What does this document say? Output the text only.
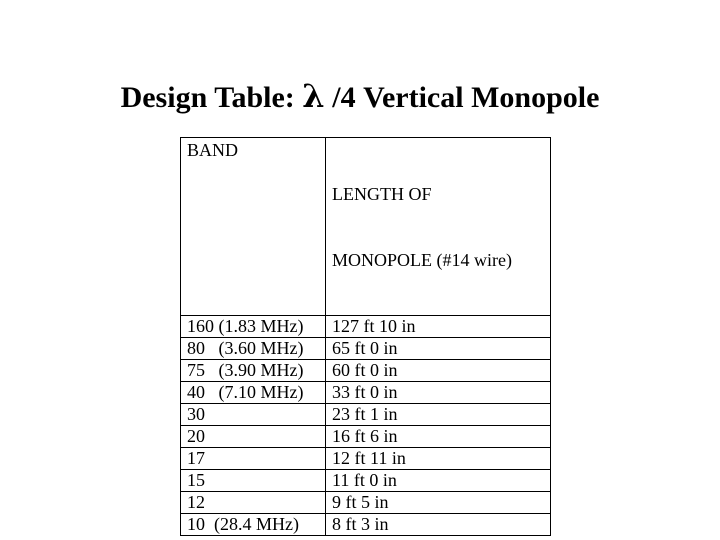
Design Table: λ /4 Vertical Monopole
BAND	LENGTH OF

MONOPOLE (#14 wire)

160 (1.83 MHz)	127 ft 10 in
80   (3.60 MHz)	65 ft 0 in
75   (3.90 MHz)	60 ft 0 in
40   (7.10 MHz)	33 ft 0 in
30	23 ft 1 in
20	16 ft 6 in
17	12 ft 11 in
15	11 ft 0 in
12	9 ft 5 in
10  (28.4 MHz)	8 ft 3 in
